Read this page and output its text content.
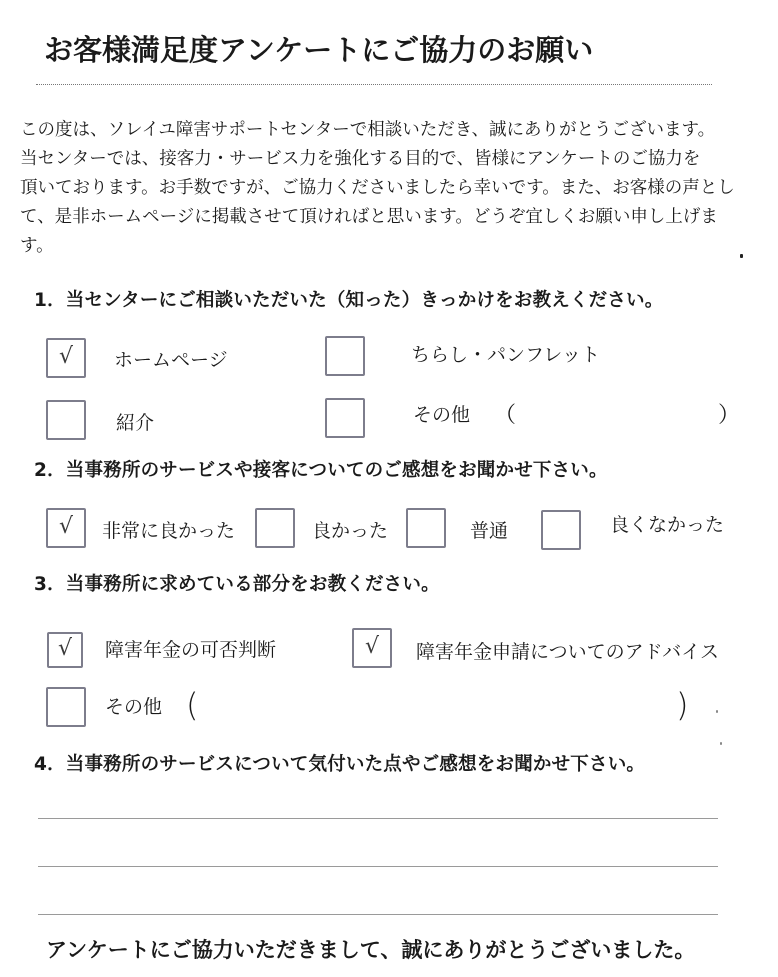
お客様満足度アンケートにご協力のお願い
この度は、ソレイユ障害サポートセンターで相談いただき、誠にありがとうございます。
当センターでは、接客力・サービス力を強化する目的で、皆様にアンケートのご協力を
頂いております。お手数ですが、ご協力くださいましたら幸いです。また、お客様の声とし
て、是非ホームページに掲載させて頂ければと思います。どうぞ宜しくお願い申し上げま
す。
1．当センターにご相談いただいた（知った）きっかけをお教えください。
√ ホームページ	ちらし・パンフレット
紹介	その他 （	）
2．当事務所のサービスや接客についてのご感想をお聞かせ下さい。
√ 非常に良かった	良かった	普通	良くなかった
3．当事務所に求めている部分をお教ください。
√ 障害年金の可否判断	√ 障害年金申請についてのアドバイス
その他 (	)
4．当事務所のサービスについて気付いた点やご感想をお聞かせ下さい。
アンケートにご協力いただきまして、誠にありがとうございました。
